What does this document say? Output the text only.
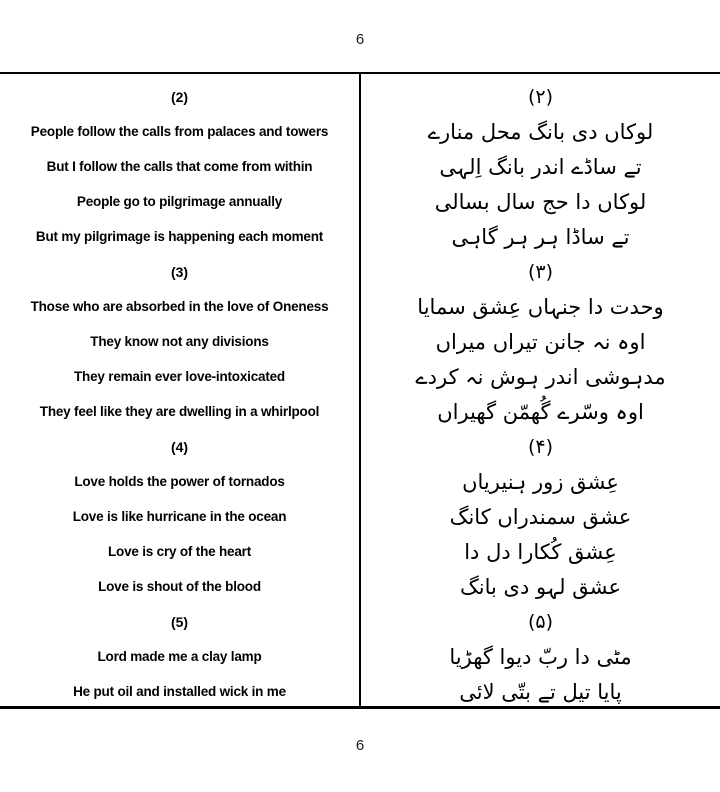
6
(2)
People follow the calls from palaces and towers
But I follow the calls that come from within
People go to pilgrimage annually
But my pilgrimage is happening each moment
(3)
Those who are absorbed in the love of Oneness
They know not any divisions
They remain ever love-intoxicated
They feel like they are dwelling in a whirlpool
(4)
Love holds the power of tornados
Love is like hurricane in the ocean
Love is cry of the heart
Love is shout of the blood
(5)
Lord made me a clay lamp
He put oil and installed wick in me
(۲)
لوکاں دی بانگ محل منارے
تے ساڈے اندر بانگ اِلہی
لوکاں دا حج سال بسالی
تے ساڈا ہر ہر گاہی
(۳)
وحدت دا جنہاں عِشق سمایا
اوہ نہ جانن تیراں میراں
مدہوشی اندر ہوش نہ کردے
اوہ وسّرے گُھمّن گھیراں
(۴)
عِشق زور ہنیریاں
عشق سمندراں کانگ
عِشق کُکارا دل دا
عشق لہو دی بانگ
(۵)
مٹی دا ربّ دیوا گھڑیا
پایا تیل تے بتّی لائی
6
